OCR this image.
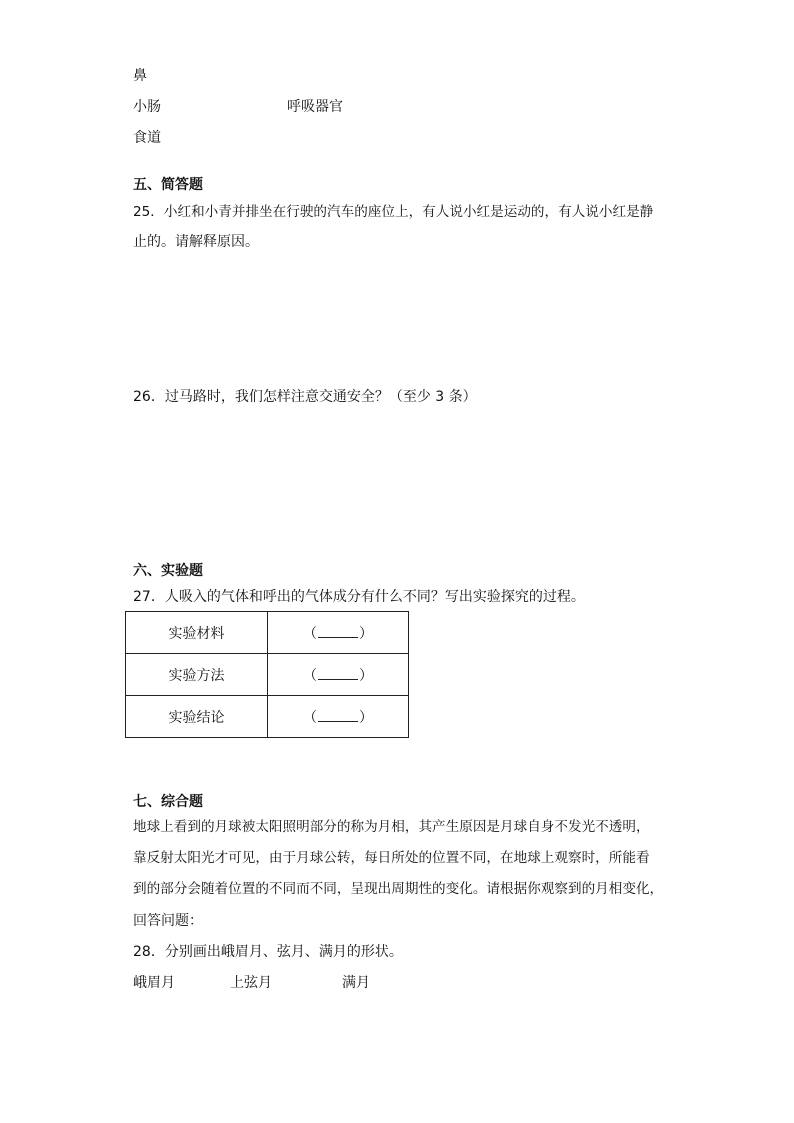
鼻
小肠	呼吸器官
食道
五、简答题
25．小红和小青并排坐在行驶的汽车的座位上，有人说小红是运动的，有人说小红是静
止的。请解释原因。
26．过马路时，我们怎样注意交通安全？（至少 3 条）
六、实验题
27．人吸入的气体和呼出的气体成分有什么不同？写出实验探究的过程。
实验材料	（ ）
实验方法	（ ）
实验结论	（ ）
七、综合题
地球上看到的月球被太阳照明部分的称为月相，其产生原因是月球自身不发光不透明，
靠反射太阳光才可见，由于月球公转，每日所处的位置不同，在地球上观察时，所能看
到的部分会随着位置的不同而不同，呈现出周期性的变化。请根据你观察到的月相变化，
回答问题：
28．分别画出峨眉月、弦月、满月的形状。
峨眉月	上弦月	满月
